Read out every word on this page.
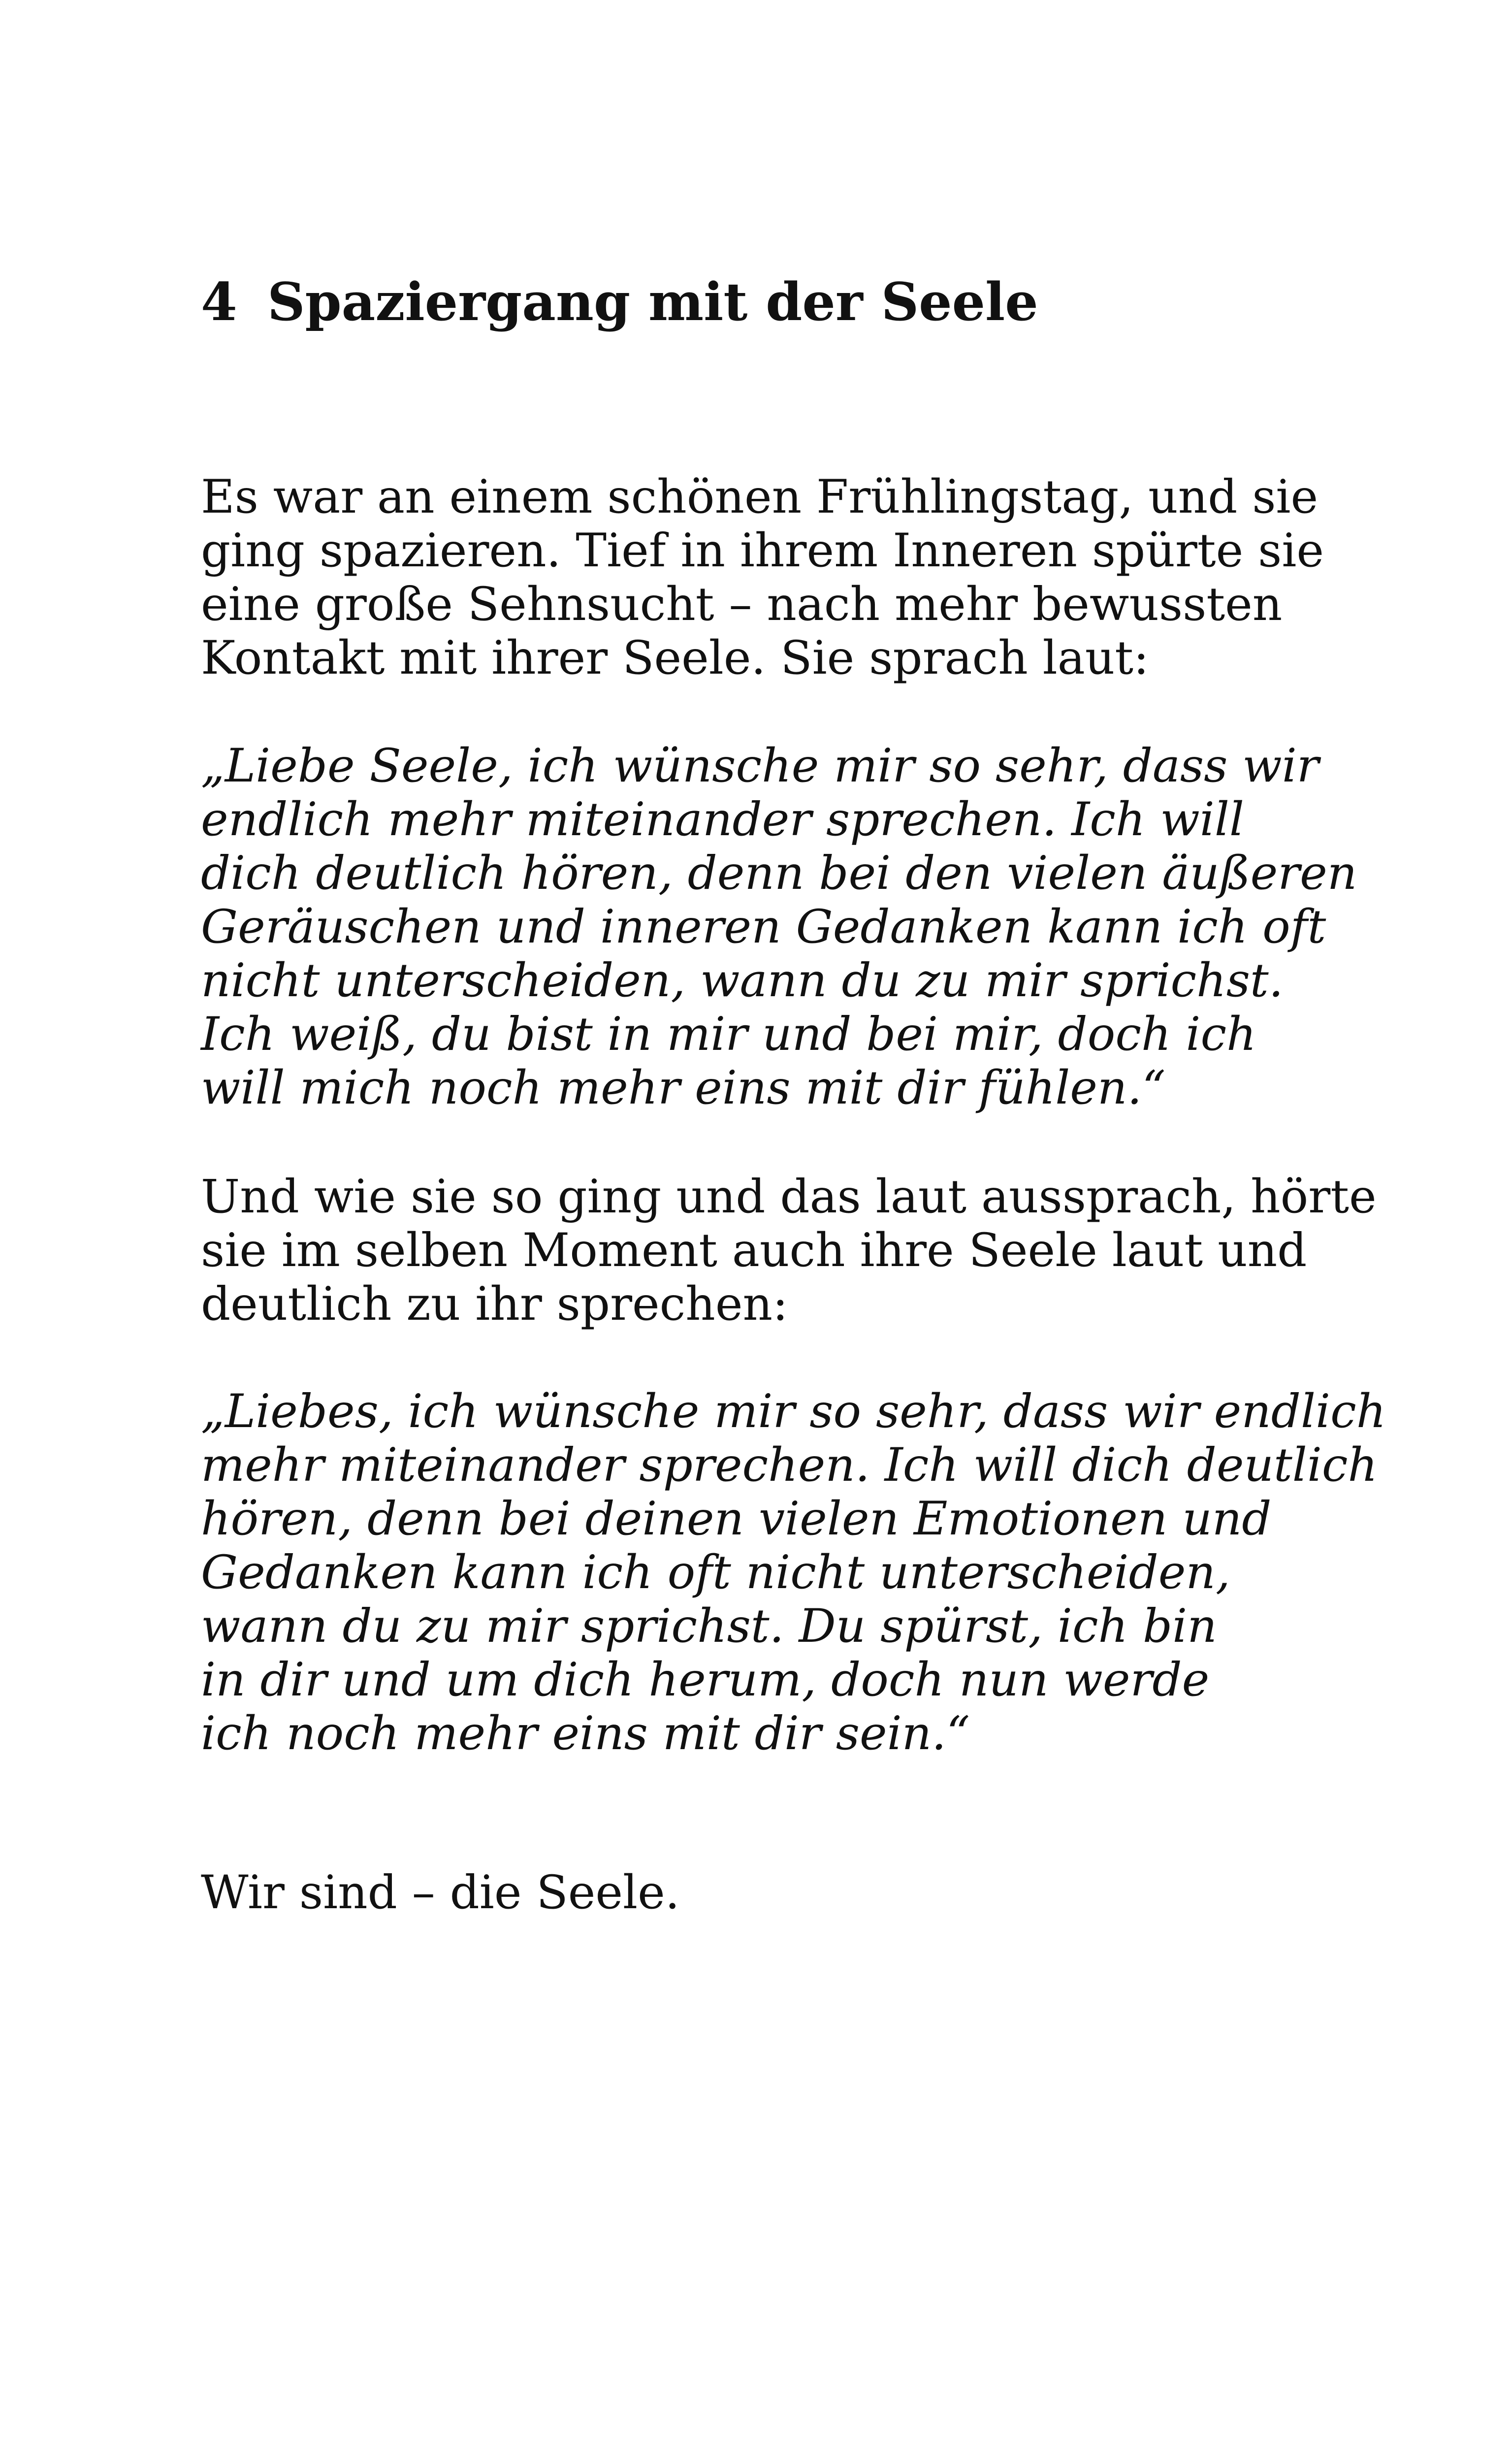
4 Spaziergang mit der Seele

Es war an einem schönen Frühlingstag, und sie
ging spazieren. Tief in ihrem Inneren spürte sie
eine große Sehnsucht – nach mehr bewussten
Kontakt mit ihrer Seele. Sie sprach laut:

„Liebe Seele, ich wünsche mir so sehr, dass wir
endlich mehr miteinander sprechen. Ich will
dich deutlich hören, denn bei den vielen äußeren
Geräuschen und inneren Gedanken kann ich oft
nicht unterscheiden, wann du zu mir sprichst.
Ich weiß, du bist in mir und bei mir, doch ich
will mich noch mehr eins mit dir fühlen.“

Und wie sie so ging und das laut aussprach, hörte
sie im selben Moment auch ihre Seele laut und
deutlich zu ihr sprechen:

„Liebes, ich wünsche mir so sehr, dass wir endlich
mehr miteinander sprechen. Ich will dich deutlich
hören, denn bei deinen vielen Emotionen und
Gedanken kann ich oft nicht unterscheiden,
wann du zu mir sprichst. Du spürst, ich bin
in dir und um dich herum, doch nun werde
ich noch mehr eins mit dir sein.“

Wir sind – die Seele.
